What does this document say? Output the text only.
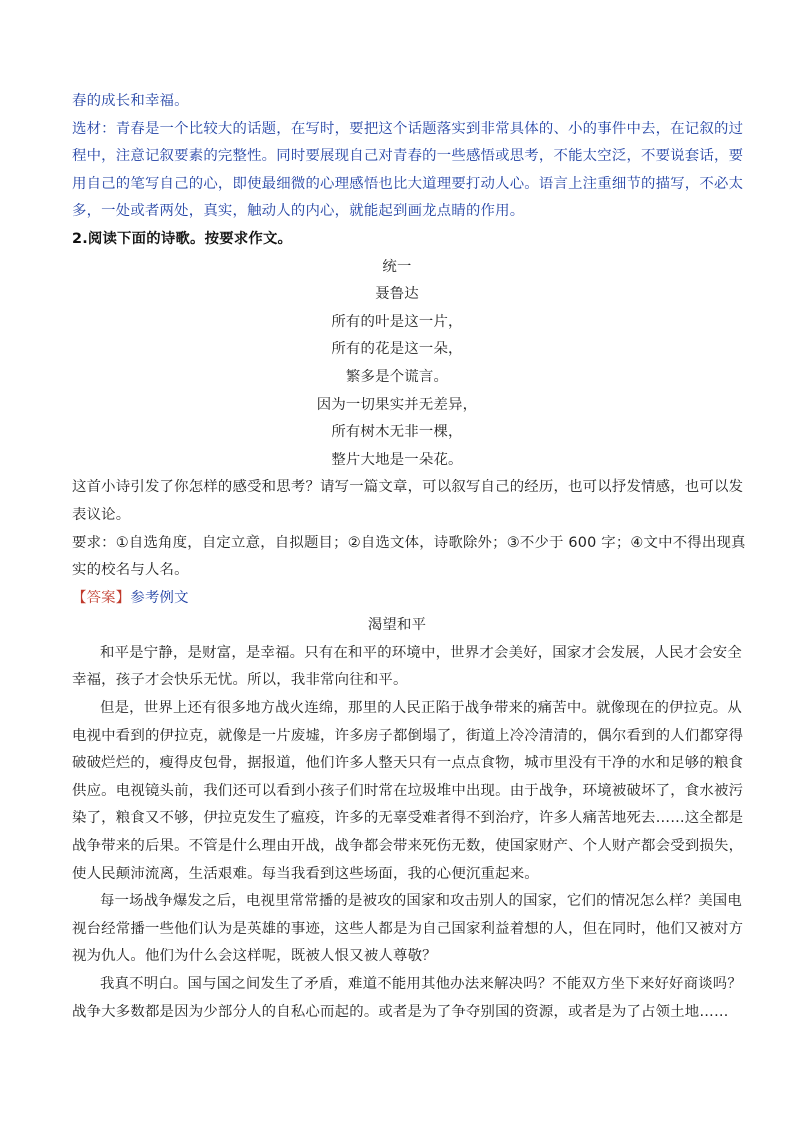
春的成长和幸福。
选材：青春是一个比较大的话题，在写时，要把这个话题落实到非常具体的、小的事件中去，在记叙的过
程中，注意记叙要素的完整性。同时要展现自己对青春的一些感悟或思考，不能太空泛，不要说套话，要
用自己的笔写自己的心，即使最细微的心理感悟也比大道理要打动人心。语言上注重细节的描写，不必太
多，一处或者两处，真实，触动人的内心，就能起到画龙点睛的作用。
2.阅读下面的诗歌。按要求作文。
统一
聂鲁达
所有的叶是这一片，
所有的花是这一朵，
繁多是个谎言。
因为一切果实并无差异，
所有树木无非一棵，
整片大地是一朵花。
这首小诗引发了你怎样的感受和思考？请写一篇文章，可以叙写自己的经历，也可以抒发情感，也可以发
表议论。
要求：①自选角度，自定立意，自拟题目；②自选文体，诗歌除外；③不少于 600 字；④文中不得出现真
实的校名与人名。
【答案】参考例文
渴望和平
和平是宁静，是财富，是幸福。只有在和平的环境中，世界才会美好，国家才会发展，人民才会安全
幸福，孩子才会快乐无忧。所以，我非常向往和平。
但是，世界上还有很多地方战火连绵，那里的人民正陷于战争带来的痛苦中。就像现在的伊拉克。从
电视中看到的伊拉克，就像是一片废墟，许多房子都倒塌了，街道上冷冷清清的，偶尔看到的人们都穿得
破破烂烂的，瘦得皮包骨，据报道，他们许多人整天只有一点点食物，城市里没有干净的水和足够的粮食
供应。电视镜头前，我们还可以看到小孩子们时常在垃圾堆中出现。由于战争，环境被破坏了，食水被污
染了，粮食又不够，伊拉克发生了瘟疫，许多的无辜受难者得不到治疗，许多人痛苦地死去……这全都是
战争带来的后果。不管是什么理由开战，战争都会带来死伤无数，使国家财产、个人财产都会受到损失，
使人民颠沛流离，生活艰难。每当我看到这些场面，我的心便沉重起来。
每一场战争爆发之后，电视里常常播的是被攻的国家和攻击别人的国家，它们的情况怎么样？美国电
视台经常播一些他们认为是英雄的事迹，这些人都是为自己国家利益着想的人，但在同时，他们又被对方
视为仇人。他们为什么会这样呢，既被人恨又被人尊敬？
我真不明白。国与国之间发生了矛盾，难道不能用其他办法来解决吗？不能双方坐下来好好商谈吗？
战争大多数都是因为少部分人的自私心而起的。或者是为了争夺别国的资源，或者是为了占领土地……
